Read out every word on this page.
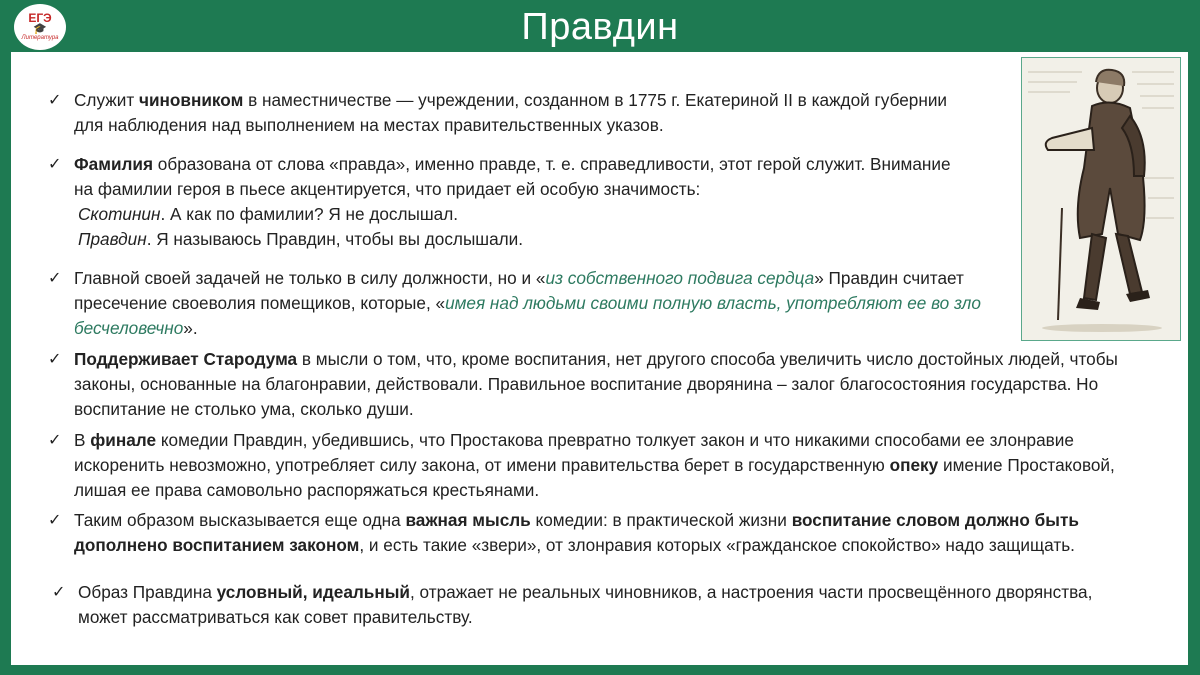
ЕГЭ
🎓
Литература	Правдин
✓ Служит чиновником в наместничестве — учреждении, созданном в 1775 г. Екатериной II в каждой губернии
для наблюдения над выполнением на местах правительственных указов.
✓ Фамилия образована от слова «правда», именно правде, т. е. справедливости, этот герой служит. Внимание
на фамилии героя в пьесе акцентируется, что придает ей особую значимость:
Скотинин. А как по фамилии? Я не дослышал.
Правдин. Я называюсь Правдин, чтобы вы дослышали.
✓ Главной своей задачей не только в силу должности, но и «из собственного подвига сердца» Правдин считает
пресечение своеволия помещиков, которые, «имея над людьми своими полную власть, употребляют ее во зло
бесчеловечно».
✓ Поддерживает Стародума в мысли о том, что, кроме воспитания, нет другого способа увеличить число достойных людей, чтобы
законы, основанные на благонравии, действовали. Правильное воспитание дворянина – залог благосостояния государства. Но
воспитание не столько ума, сколько души.
✓ В финале комедии Правдин, убедившись, что Простакова превратно толкует закон и что никакими способами ее злонравие
искоренить невозможно, употребляет силу закона, от имени правительства берет в государственную опеку имение Простаковой,
лишая ее права самовольно распоряжаться крестьянами.
✓ Таким образом высказывается еще одна важная мысль комедии: в практической жизни воспитание словом должно быть
дополнено воспитанием законом, и есть такие «звери», от злонравия которых «гражданское спокойство» надо защищать.
✓ Образ Правдина условный, идеальный, отражает не реальных чиновников, а настроения части просвещённого дворянства,
может рассматриваться как совет правительству.
